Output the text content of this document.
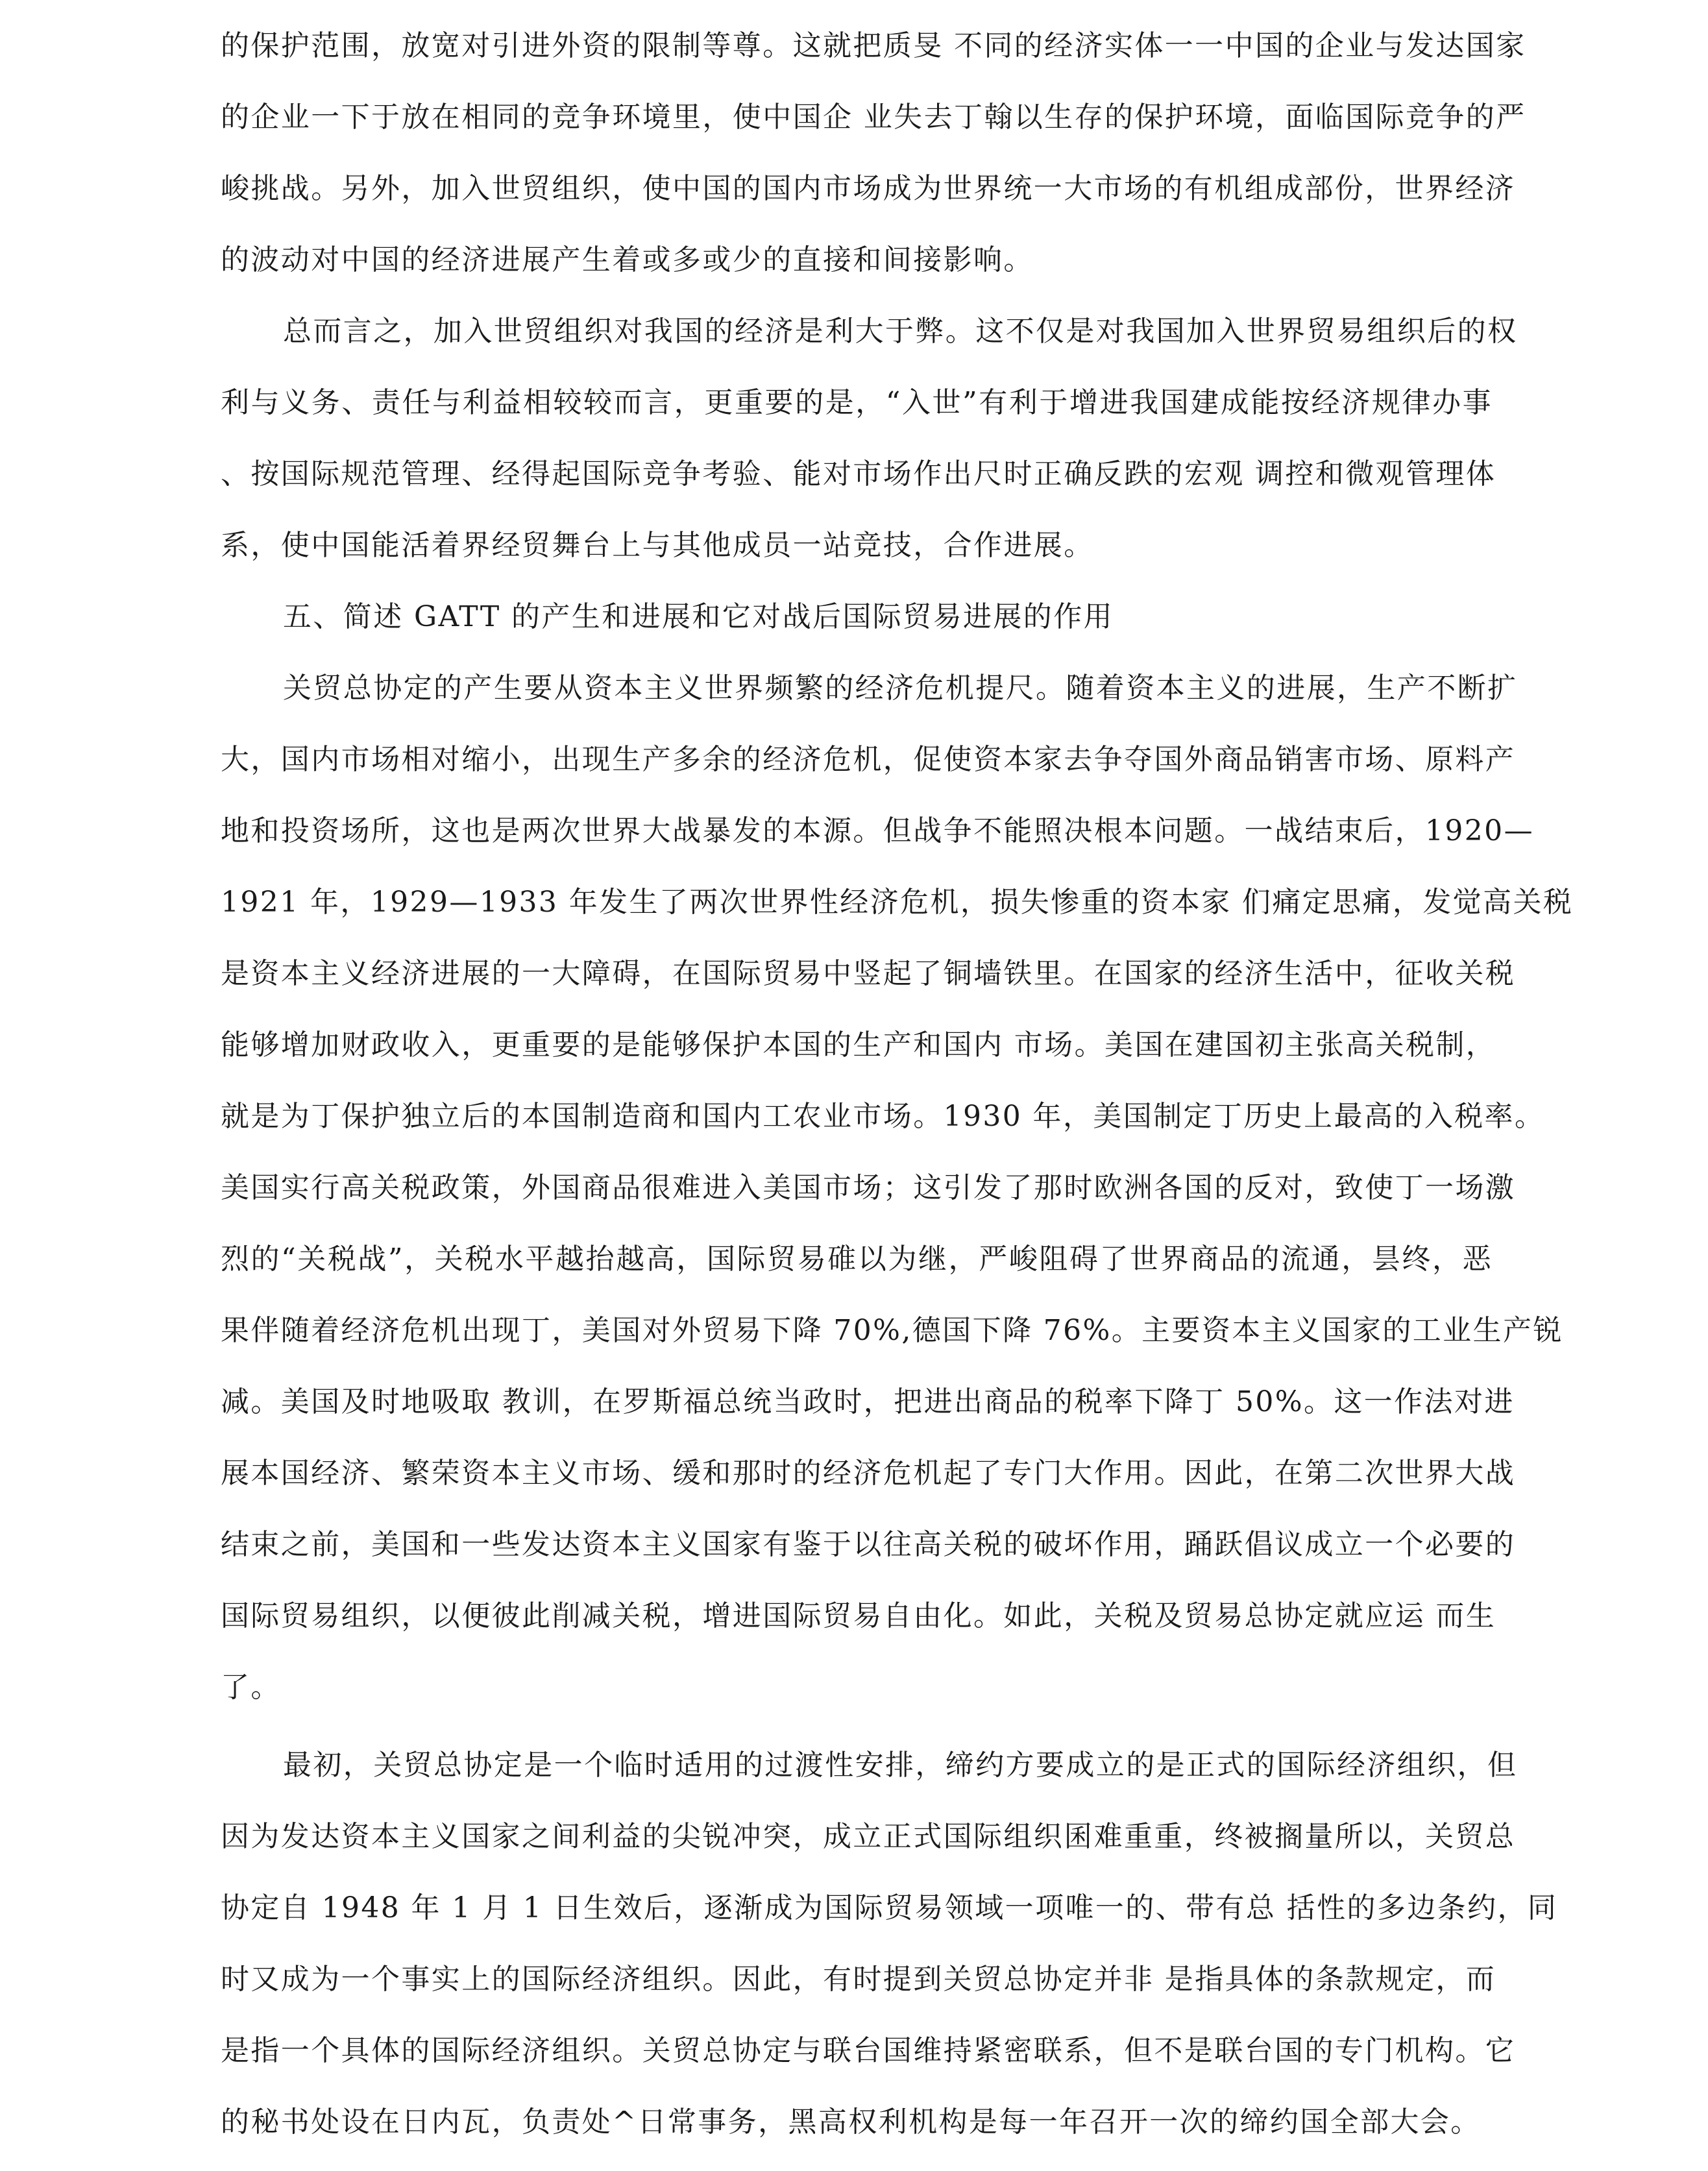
的保护范围，放宽对引进外资的限制等尊。这就把质旻 不同的经济实体一一中国的企业与发达国家
的企业一下于放在相同的竞争环境里，使中国企 业失去丁翰以生存的保护环境，面临国际竞争的严
峻挑战。另外，加入世贸组织，使中国的国内市场成为世界统一大市场的有机组成部份，世界经济
的波动对中国的经济进展产生着或多或少的直接和间接影响。
总而言之，加入世贸组织对我国的经济是利大于弊。这不仅是对我国加入世界贸易组织后的权
利与义务、责任与利益相较较而言，更重要的是，“入世”有利于增进我国建成能按经济规律办事
、按国际规范管理、经得起国际竞争考验、能对市场作出尺时正确反跌的宏观 调控和微观管理体
系，使中国能活着界经贸舞台上与其他成员一站竞技，合作进展。
五、简述 GATT 的产生和进展和它对战后国际贸易进展的作用
关贸总协定的产生要从资本主义世界频繁的经济危机提尺。随着资本主义的进展，生产不断扩
大，国内市场相对缩小，出现生产多余的经济危机，促使资本家去争夺国外商品销害市场、原料产
地和投资场所，这也是两次世界大战暴发的本源。但战争不能照决根本问题。一战结束后，1920—
1921 年，1929—1933 年发生了两次世界性经济危机，损失惨重的资本家 们痛定思痛，发觉高关税
是资本主义经济进展的一大障碍，在国际贸易中竖起了铜墙铁里。在国家的经济生活中，征收关税
能够增加财政收入，更重要的是能够保护本国的生产和国内 市场。美国在建国初主张高关税制，
就是为丁保护独立后的本国制造商和国内工农业市场。1930 年，美国制定丁历史上最高的入税率。
美国实行高关税政策，外国商品很难进入美国市场；这引发了那时欧洲各国的反对，致使丁一场激
烈的“关税战”，关税水平越抬越高，国际贸易碓以为继，严峻阻碍了世界商品的流通，昙终，恶
果伴随着经济危机出现丁，美国对外贸易下降 70%,德国下降 76%。主要资本主义国家的工业生产锐
减。美国及时地吸取 教训，在罗斯福总统当政时，把进出商品的税率下降丁 50%。这一作法对进
展本国经济、繁荣资本主义市场、缓和那时的经济危机起了专门大作用。因此，在第二次世界大战
结束之前，美国和一些发达资本主义国家有鉴于以往高关税的破坏作用，踊跃倡议成立一个必要的
国际贸易组织，以便彼此削减关税，增进国际贸易自由化。如此，关税及贸易总协定就应运 而生
了。
最初，关贸总协定是一个临时适用的过渡性安排，缔约方要成立的是正式的国际经济组织，但
因为发达资本主义国家之间利益的尖锐冲突，成立正式国际组织囷难重重，终被搁量所以，关贸总
协定自 1948 年 1 月 1 日生效后，逐渐成为国际贸易领域一项唯一的、带有总 括性的多边条约，同
时又成为一个事实上的国际经济组织。因此，有时提到关贸总协定并非 是指具体的条款规定，而
是指一个具体的国际经济组织。关贸总协定与联台国维持紧密联系，但不是联台国的专门机构。它
的秘书处设在日内瓦，负责处^日常事务，黑高权利机构是每一年召开一次的缔约国全部大会。
